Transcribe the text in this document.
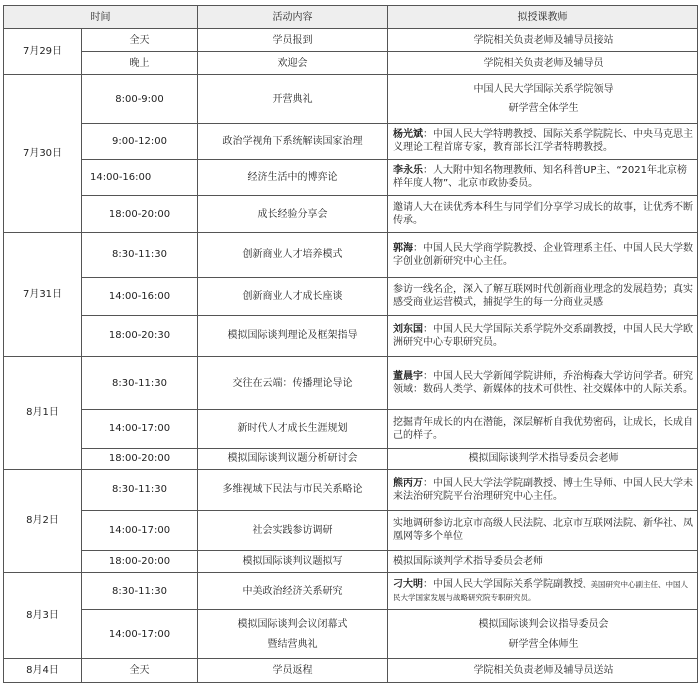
时间		活动内容	拟授课教师
7月29日	全天	学员报到	学院相关负责老师及辅导员接站
	晚上	欢迎会	学院相关负责老师及辅导员
7月30日	8:00-9:00	开营典礼	中国人民大学国际关系学院领导
研学营全体学生

	9:00-12:00	政治学视角下系统解读国家治理	杨光斌：中国人民大学特聘教授、国际关系学院院长、中央马克思主义理论工程首席专家，教育部长江学者特聘教授。
	14:00-16:00	经济生活中的博弈论	李永乐：人大附中知名物理教师、知名科普UP主、“2021年北京榜样年度人物”、北京市政协委员。
	18:00-20:00	成长经验分享会	邀请人大在读优秀本科生与同学们分享学习成长的故事，让优秀不断传承。
7月31日	8:30-11:30	创新商业人才培养模式	郭海：中国人民大学商学院教授、企业管理系主任、中国人民大学数字创业创新研究中心主任。
	14:00-16:00	创新商业人才成长座谈	参访一线名企，深入了解互联网时代创新商业理念的发展趋势；真实感受商业运营模式，捕捉学生的每一分商业灵感
	18:00-20:30	模拟国际谈判理论及框架指导	刘东国：中国人民大学国际关系学院外交系副教授，中国人民大学欧洲研究中心专职研究员。
8月1日	8:30-11:30	交往在云端：传播理论导论	董晨宇：中国人民大学新闻学院讲师，乔治梅森大学访问学者。研究领域：数码人类学、新媒体的技术可供性、社交媒体中的人际关系。
	14:00-17:00	新时代人才成长生涯规划	挖掘青年成长的内在潜能，深层解析自我优势密码，让成长，长成自己的样子。
	18:00-20:00	模拟国际谈判议题分析研讨会	模拟国际谈判学术指导委员会老师
8月2日	8:30-11:30	多维视域下民法与市民关系略论	熊丙万：中国人民大学法学院副教授、博士生导师、中国人民大学未来法治研究院平台治理研究中心主任。
	14:00-17:00	社会实践参访调研	实地调研参访北京市高级人民法院、北京市互联网法院、新华社、凤凰网等多个单位
	18:00-20:00	模拟国际谈判议题拟写	模拟国际谈判学术指导委员会老师
8月3日	8:30-11:30	中美政治经济关系研究	刁大明：中国人民大学国际关系学院副教授、美国研究中心副主任、中国人民大学国家发展与战略研究院专职研究员。
	14:00-17:00	模拟国际谈判会议闭幕式
暨结营典礼	模拟国际谈判会议指导委员会
研学营全体师生

8月4日	全天	学员返程	学院相关负责老师及辅导员送站
